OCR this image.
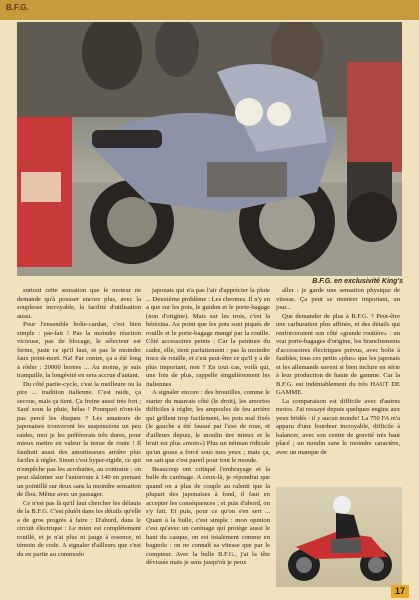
B.F.G.
B.F.G. en exclusivité King's

surtout cette sensation que le moteur ne demande qu'à pousser encore plus, avec la souplesse incroyable, la facilité d'utilisation aussi.

Pour l'ensemble boîte-cardan, c'est bien simple : par-fait ! Pas la moindre réaction vicieuse, pas de blocage, le sélecteur est ferme, juste ce qu'il faut, et pas le moindre faux point-mort. Na! Par contre, ça a été long à rôder : 20000 bornes ... Au moins, je suis tranquille, la longévité en sera accrue d'autant.

Du côté partie-cycle, c'est la meilleure ou la pire ... tradition italienne. C'est raide, ça secoue, mais ça tient. Ça freine aussi très fort ; Sauf sous la pluie, hélas ! Pourquoi n'ont-ils pas percé les disques ? Les amateurs de japonaises trouveront les suspensions un peu raides, moi je les préférerais très dures, pour mieux mettre en valeur la tenue de route ! Il faudrait aussi des amortisseurs arrière plus faciles à régler. Sinon c'est hyper-rigide, ce qui n'empêche pas les acrobaties, au contraire : on peut slalomer sur l'autoroute à 140 en prenant un pointillé sur deux sans la moindre sensation de flou. Même avec un passager.

Ce n'est pas là qu'il faut chercher les défauts de la B.F.G. C'est plutôt dans les détails qu'elle a de gros progrès à faire : D'abord, dans le circuit électrique : Le mien est complètement rouillé, et je n'ai plus ni jauge à essence, ni témoin de code. A signaler d'ailleurs que c'est du en partie au commodo

japonais qui n'a pas l'air d'apprécier la pluie ... Deuxième problème : Les chromes. Il n'y en a que sur les pots, le guidon et le porte-bagage (non d'origine). Mais sur les trois, c'est la bérézina. Au point que les pots sont piqués de rouille et le porte-bagage mangé par la rouille. Côté accessoires peints : Car la peinture du cadre, elle, tient parfaitement : pas la moindre trace de rouille, et c'est peut-être ce qu'il y a de plus important, non ? En tout cas, voilà qui, une fois de plus, rappelle singulièrement les italiennes

A signaler encore : des broutilles, comme le starter du mauvais côté (le droit), les amortos difficiles à régler, les ampoules de feu arrière qui grillent trop facilement, les pots mal fixés (le gauche a été faussé par l'axe de roue, et d'ailleurs depuis, le moulin tire mieux et le bruit est plus «moto») Plus un néiman ridicule qu'un gosse a forcé sous mes yeux ; mais ça, on sait que c'est pareil pour tout le monde.

Beaucoup ont critiqué l'embrayage et la bulle de carénage. A ceux-là, je répondrai que quand on a plus de couple au ralenti que la plupart des japonaises à fond, il faut en accepter les conséquences ; et puis d'abord, on s'y fait. Et puis, pour ce qu'on s'en sert ... Quant à la bulle, c'est simple : mon opinion c'est qu'avec un carénage qui protège aussi le haut du casque, on est totalement comme en bagnole : on ne connaît sa vitesse que par le compteur. Avec la bulle B.F.G., j'ai la tête dévissée mais je sens jusqu'où je peux

aller : je garde une sensation physique de vitesse. Ça peut se montrer important, un jour...

Que demander de plus à B.F.G. ? Peut-être une carburation plus affinée, et des détails qui renforceraient son côté «grande routière» : un vrai porte-bagages d'origine, les branchements d'accessoires électriques prévus, avec boîte à fusibles, tous ces petits «plus» que les japonais et les allemands savent si bien inclure en série à leur production de haute de gamme. Car la B.F.G. est indéniablement du très HAUT DE GAMME.

La comparaison est difficile avec d'autres motos. J'ai ressayé depuis quelques engins aux yeux bridés : il y aucun monde! La 750 FA m'a apparu d'une lourdeur incroyable, difficile à balancer, avec son centre de gravité très haut placé ; un moulin sans le moindre caractère, avec un manque de

17
